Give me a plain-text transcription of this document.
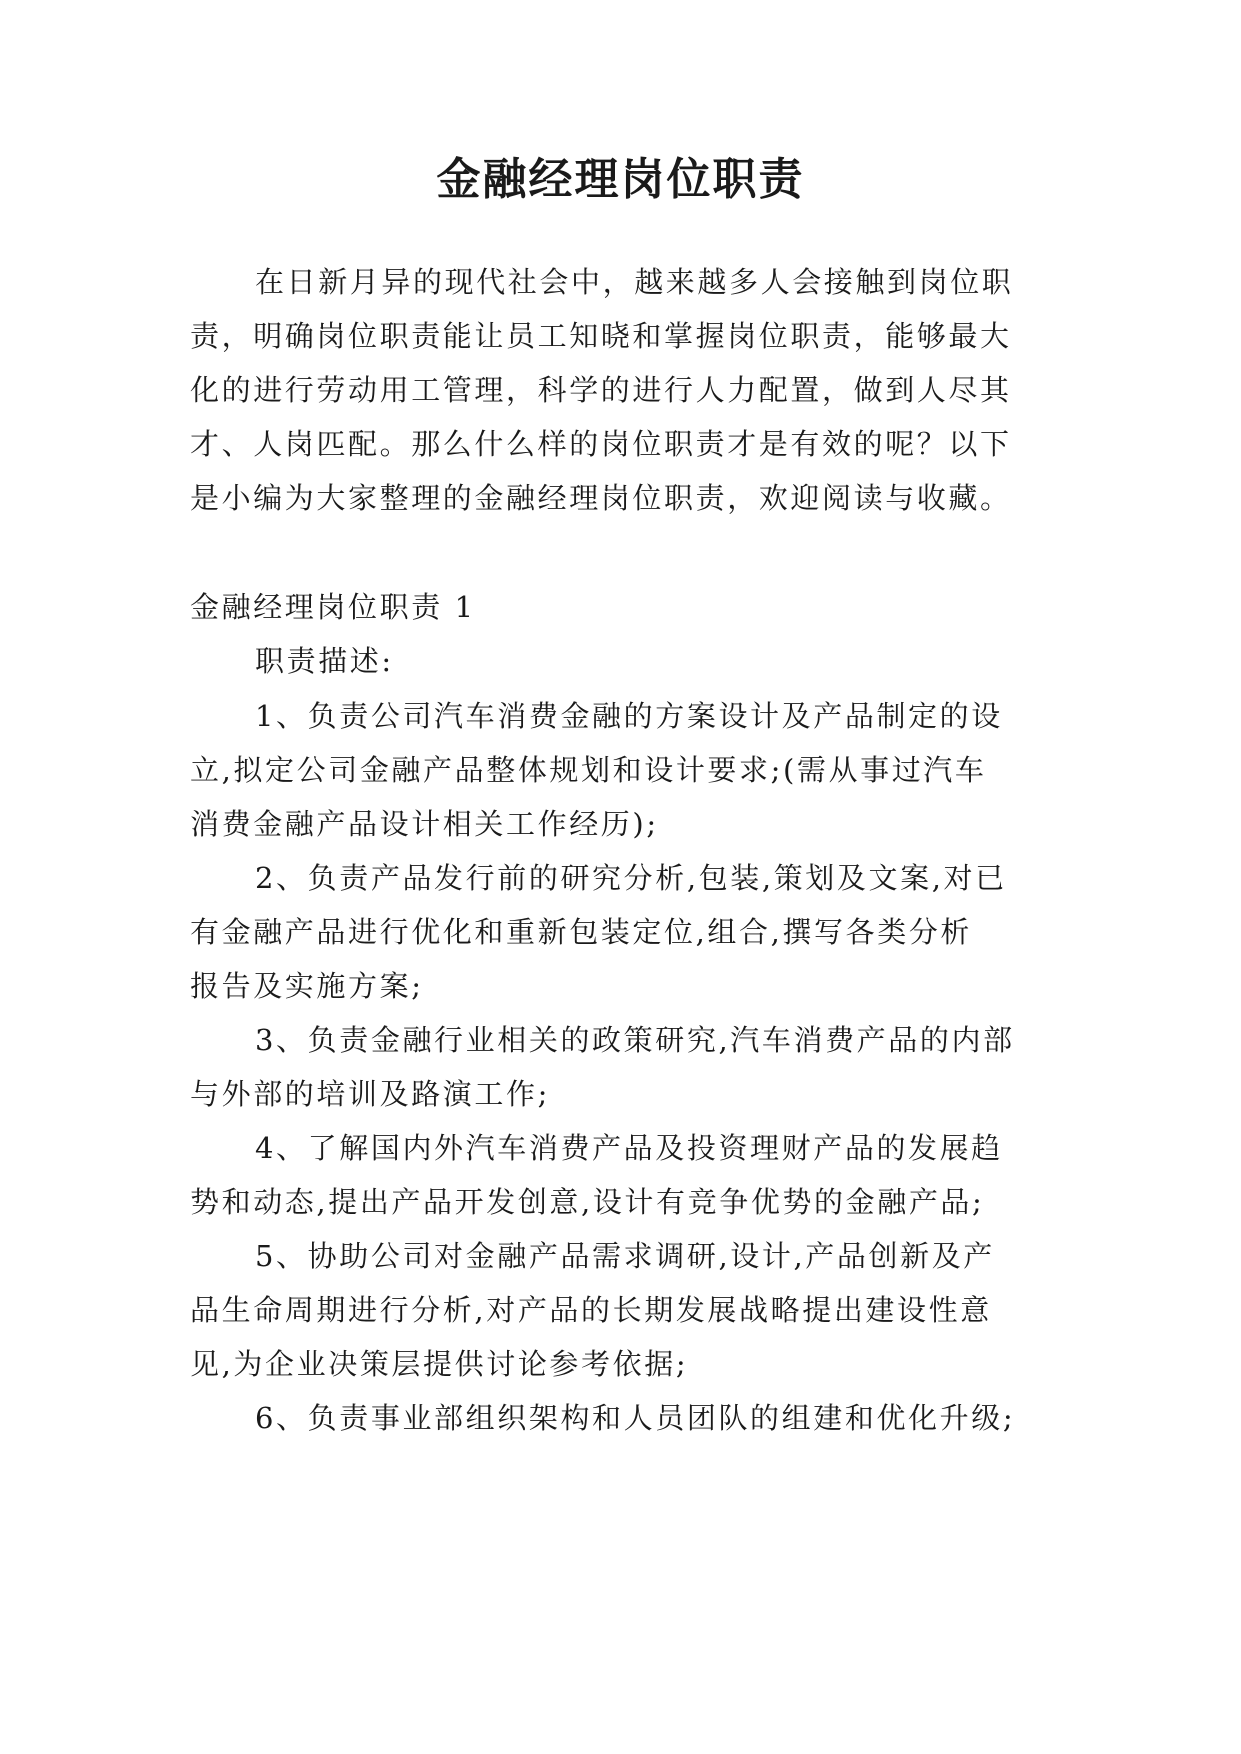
金融经理岗位职责
在日新月异的现代社会中，越来越多人会接触到岗位职
责，明确岗位职责能让员工知晓和掌握岗位职责，能够最大
化的进行劳动用工管理，科学的进行人力配置，做到人尽其
才、人岗匹配。那么什么样的岗位职责才是有效的呢？以下
是小编为大家整理的金融经理岗位职责，欢迎阅读与收藏。
金融经理岗位职责 1
职责描述:
1、负责公司汽车消费金融的方案设计及产品制定的设
立,拟定公司金融产品整体规划和设计要求;(需从事过汽车
消费金融产品设计相关工作经历);
2、负责产品发行前的研究分析,包装,策划及文案,对已
有金融产品进行优化和重新包装定位,组合,撰写各类分析
报告及实施方案;
3、负责金融行业相关的政策研究,汽车消费产品的内部
与外部的培训及路演工作;
4、了解国内外汽车消费产品及投资理财产品的发展趋
势和动态,提出产品开发创意,设计有竞争优势的金融产品;
5、协助公司对金融产品需求调研,设计,产品创新及产
品生命周期进行分析,对产品的长期发展战略提出建设性意
见,为企业决策层提供讨论参考依据;
6、负责事业部组织架构和人员团队的组建和优化升级;
